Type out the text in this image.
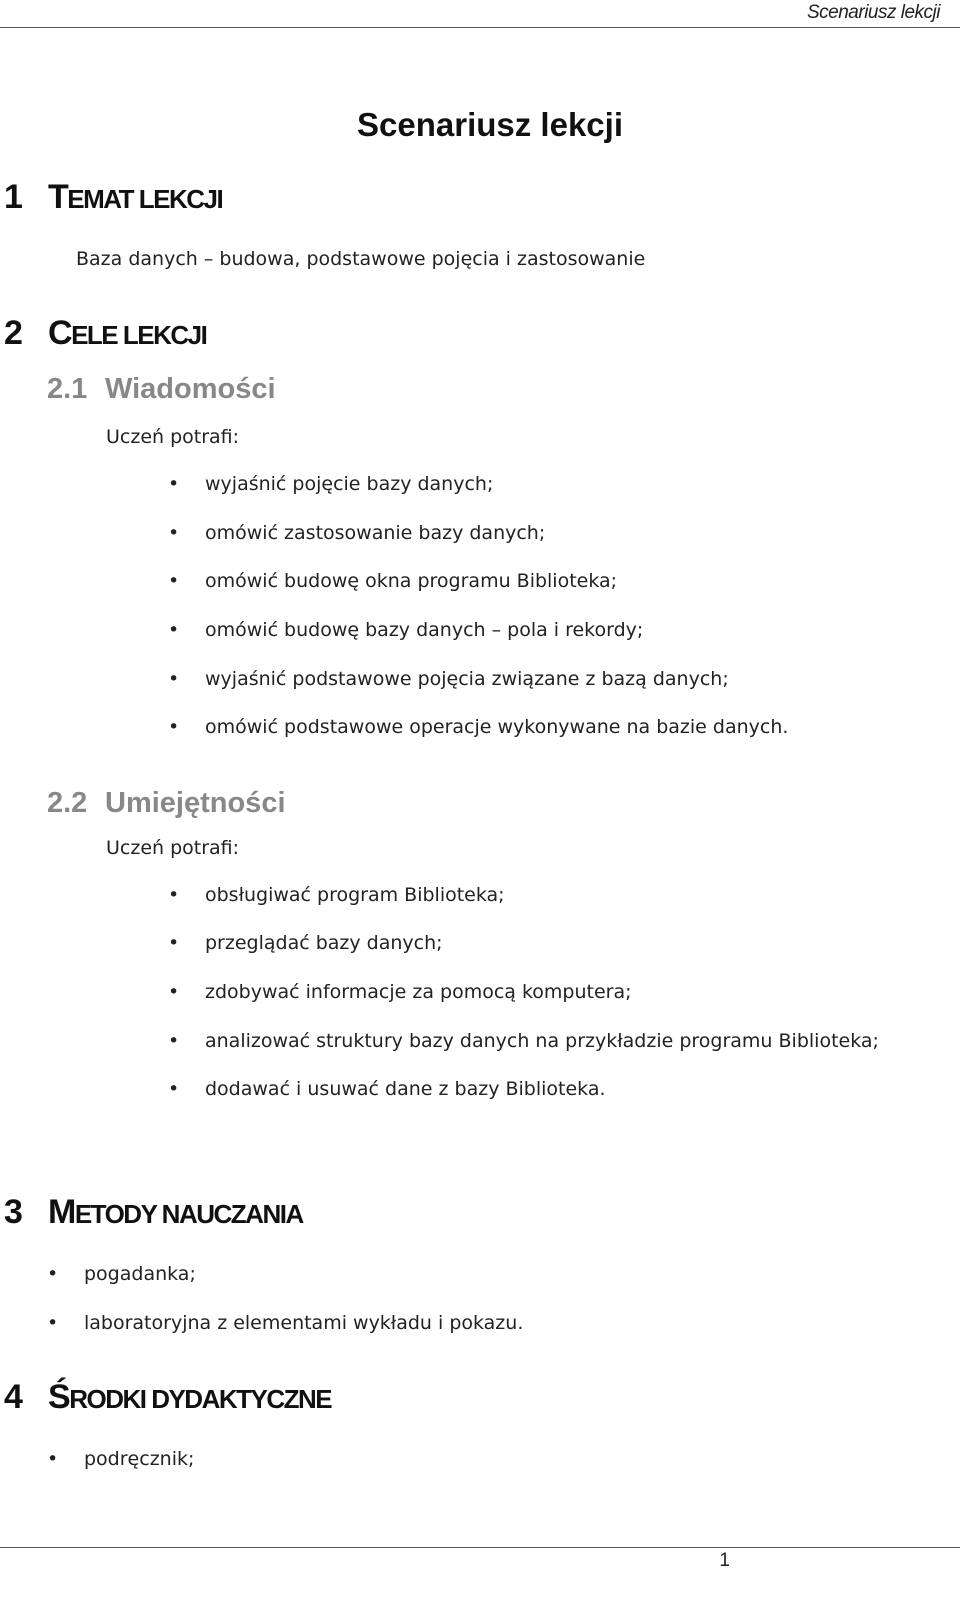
Scenariusz lekcji
Scenariusz lekcji
1 TEMAT LEKCJI
Baza danych – budowa, podstawowe pojęcia i zastosowanie
2 CELE LEKCJI
2.1 Wiadomości
Uczeń potrafi:
• wyjaśnić pojęcie bazy danych;
• omówić zastosowanie bazy danych;
• omówić budowę okna programu Biblioteka;
• omówić budowę bazy danych – pola i rekordy;
• wyjaśnić podstawowe pojęcia związane z bazą danych;
• omówić podstawowe operacje wykonywane na bazie danych.
2.2 Umiejętności
Uczeń potrafi:
• obsługiwać program Biblioteka;
• przeglądać bazy danych;
• zdobywać informacje za pomocą komputera;
• analizować struktury bazy danych na przykładzie programu Biblioteka;
• dodawać i usuwać dane z bazy Biblioteka.
3 METODY NAUCZANIA
• pogadanka;
• laboratoryjna z elementami wykładu i pokazu.
4 ŚRODKI DYDAKTYCZNE
• podręcznik;
1
